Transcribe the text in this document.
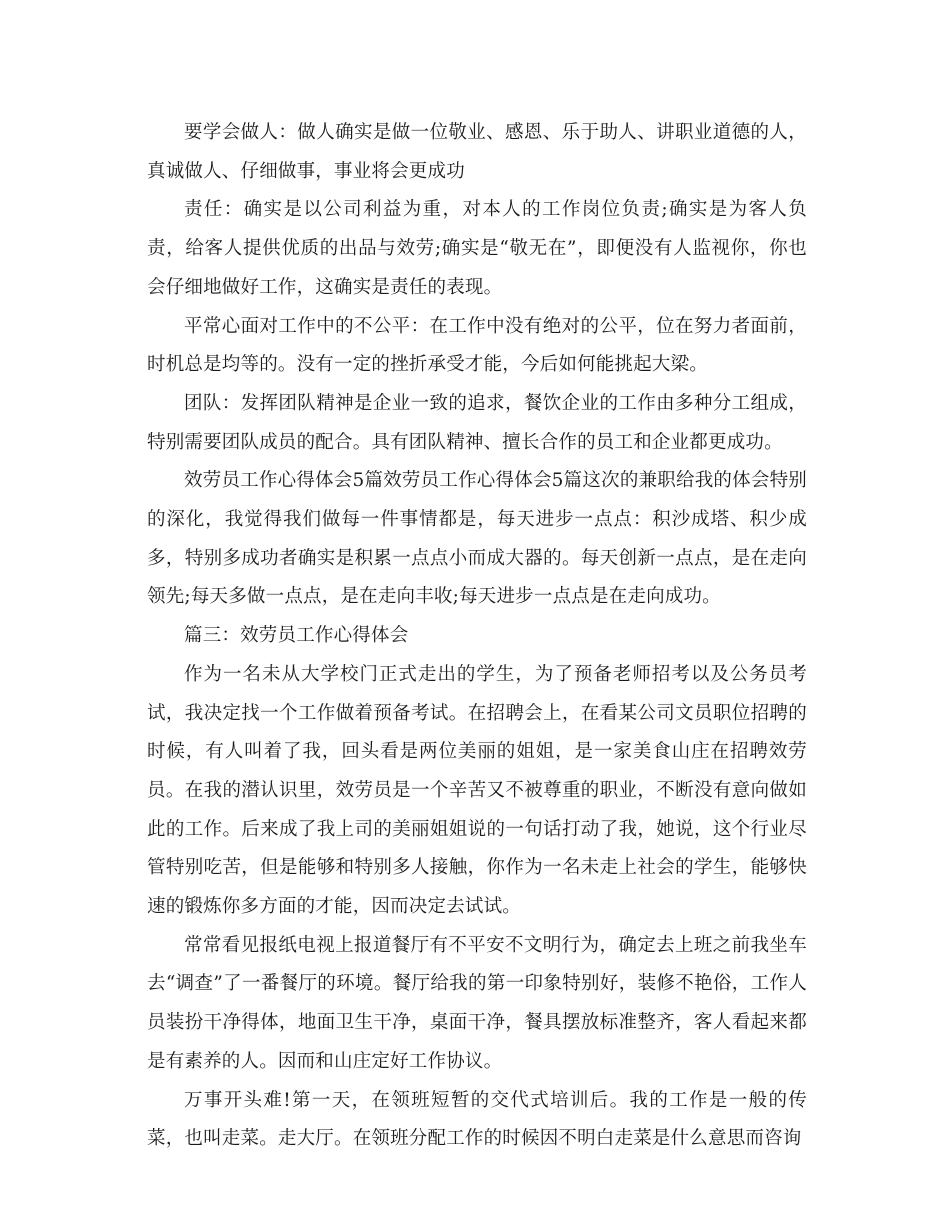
要学会做人：做人确实是做一位敬业、感恩、乐于助人、讲职业道德的人，真诚做人、仔细做事，事业将会更成功

责任：确实是以公司利益为重，对本人的工作岗位负责;确实是为客人负责，给客人提供优质的出品与效劳;确实是“敬无在”，即便没有人监视你，你也会仔细地做好工作，这确实是责任的表现。

平常心面对工作中的不公平：在工作中没有绝对的公平，位在努力者面前，时机总是均等的。没有一定的挫折承受才能，今后如何能挑起大梁。

团队：发挥团队精神是企业一致的追求，餐饮企业的工作由多种分工组成，特别需要团队成员的配合。具有团队精神、擅长合作的员工和企业都更成功。

效劳员工作心得体会5篇效劳员工作心得体会5篇这次的兼职给我的体会特别的深化，我觉得我们做每一件事情都是，每天进步一点点：积沙成塔、积少成多，特别多成功者确实是积累一点点小而成大器的。每天创新一点点，是在走向领先;每天多做一点点，是在走向丰收;每天进步一点点是在走向成功。

篇三：效劳员工作心得体会

作为一名未从大学校门正式走出的学生，为了预备老师招考以及公务员考试，我决定找一个工作做着预备考试。在招聘会上，在看某公司文员职位招聘的时候，有人叫着了我，回头看是两位美丽的姐姐，是一家美食山庄在招聘效劳员。在我的潜认识里，效劳员是一个辛苦又不被尊重的职业，不断没有意向做如此的工作。后来成了我上司的美丽姐姐说的一句话打动了我，她说，这个行业尽管特别吃苦，但是能够和特别多人接触，你作为一名未走上社会的学生，能够快速的锻炼你多方面的才能，因而决定去试试。

常常看见报纸电视上报道餐厅有不平安不文明行为，确定去上班之前我坐车去“调查”了一番餐厅的环境。餐厅给我的第一印象特别好，装修不艳俗，工作人员装扮干净得体，地面卫生干净，桌面干净，餐具摆放标准整齐，客人看起来都是有素养的人。因而和山庄定好工作协议。

万事开头难!第一天，在领班短暂的交代式培训后。我的工作是一般的传菜，也叫走菜。走大厅。在领班分配工作的时候因不明白走菜是什么意思而咨询
